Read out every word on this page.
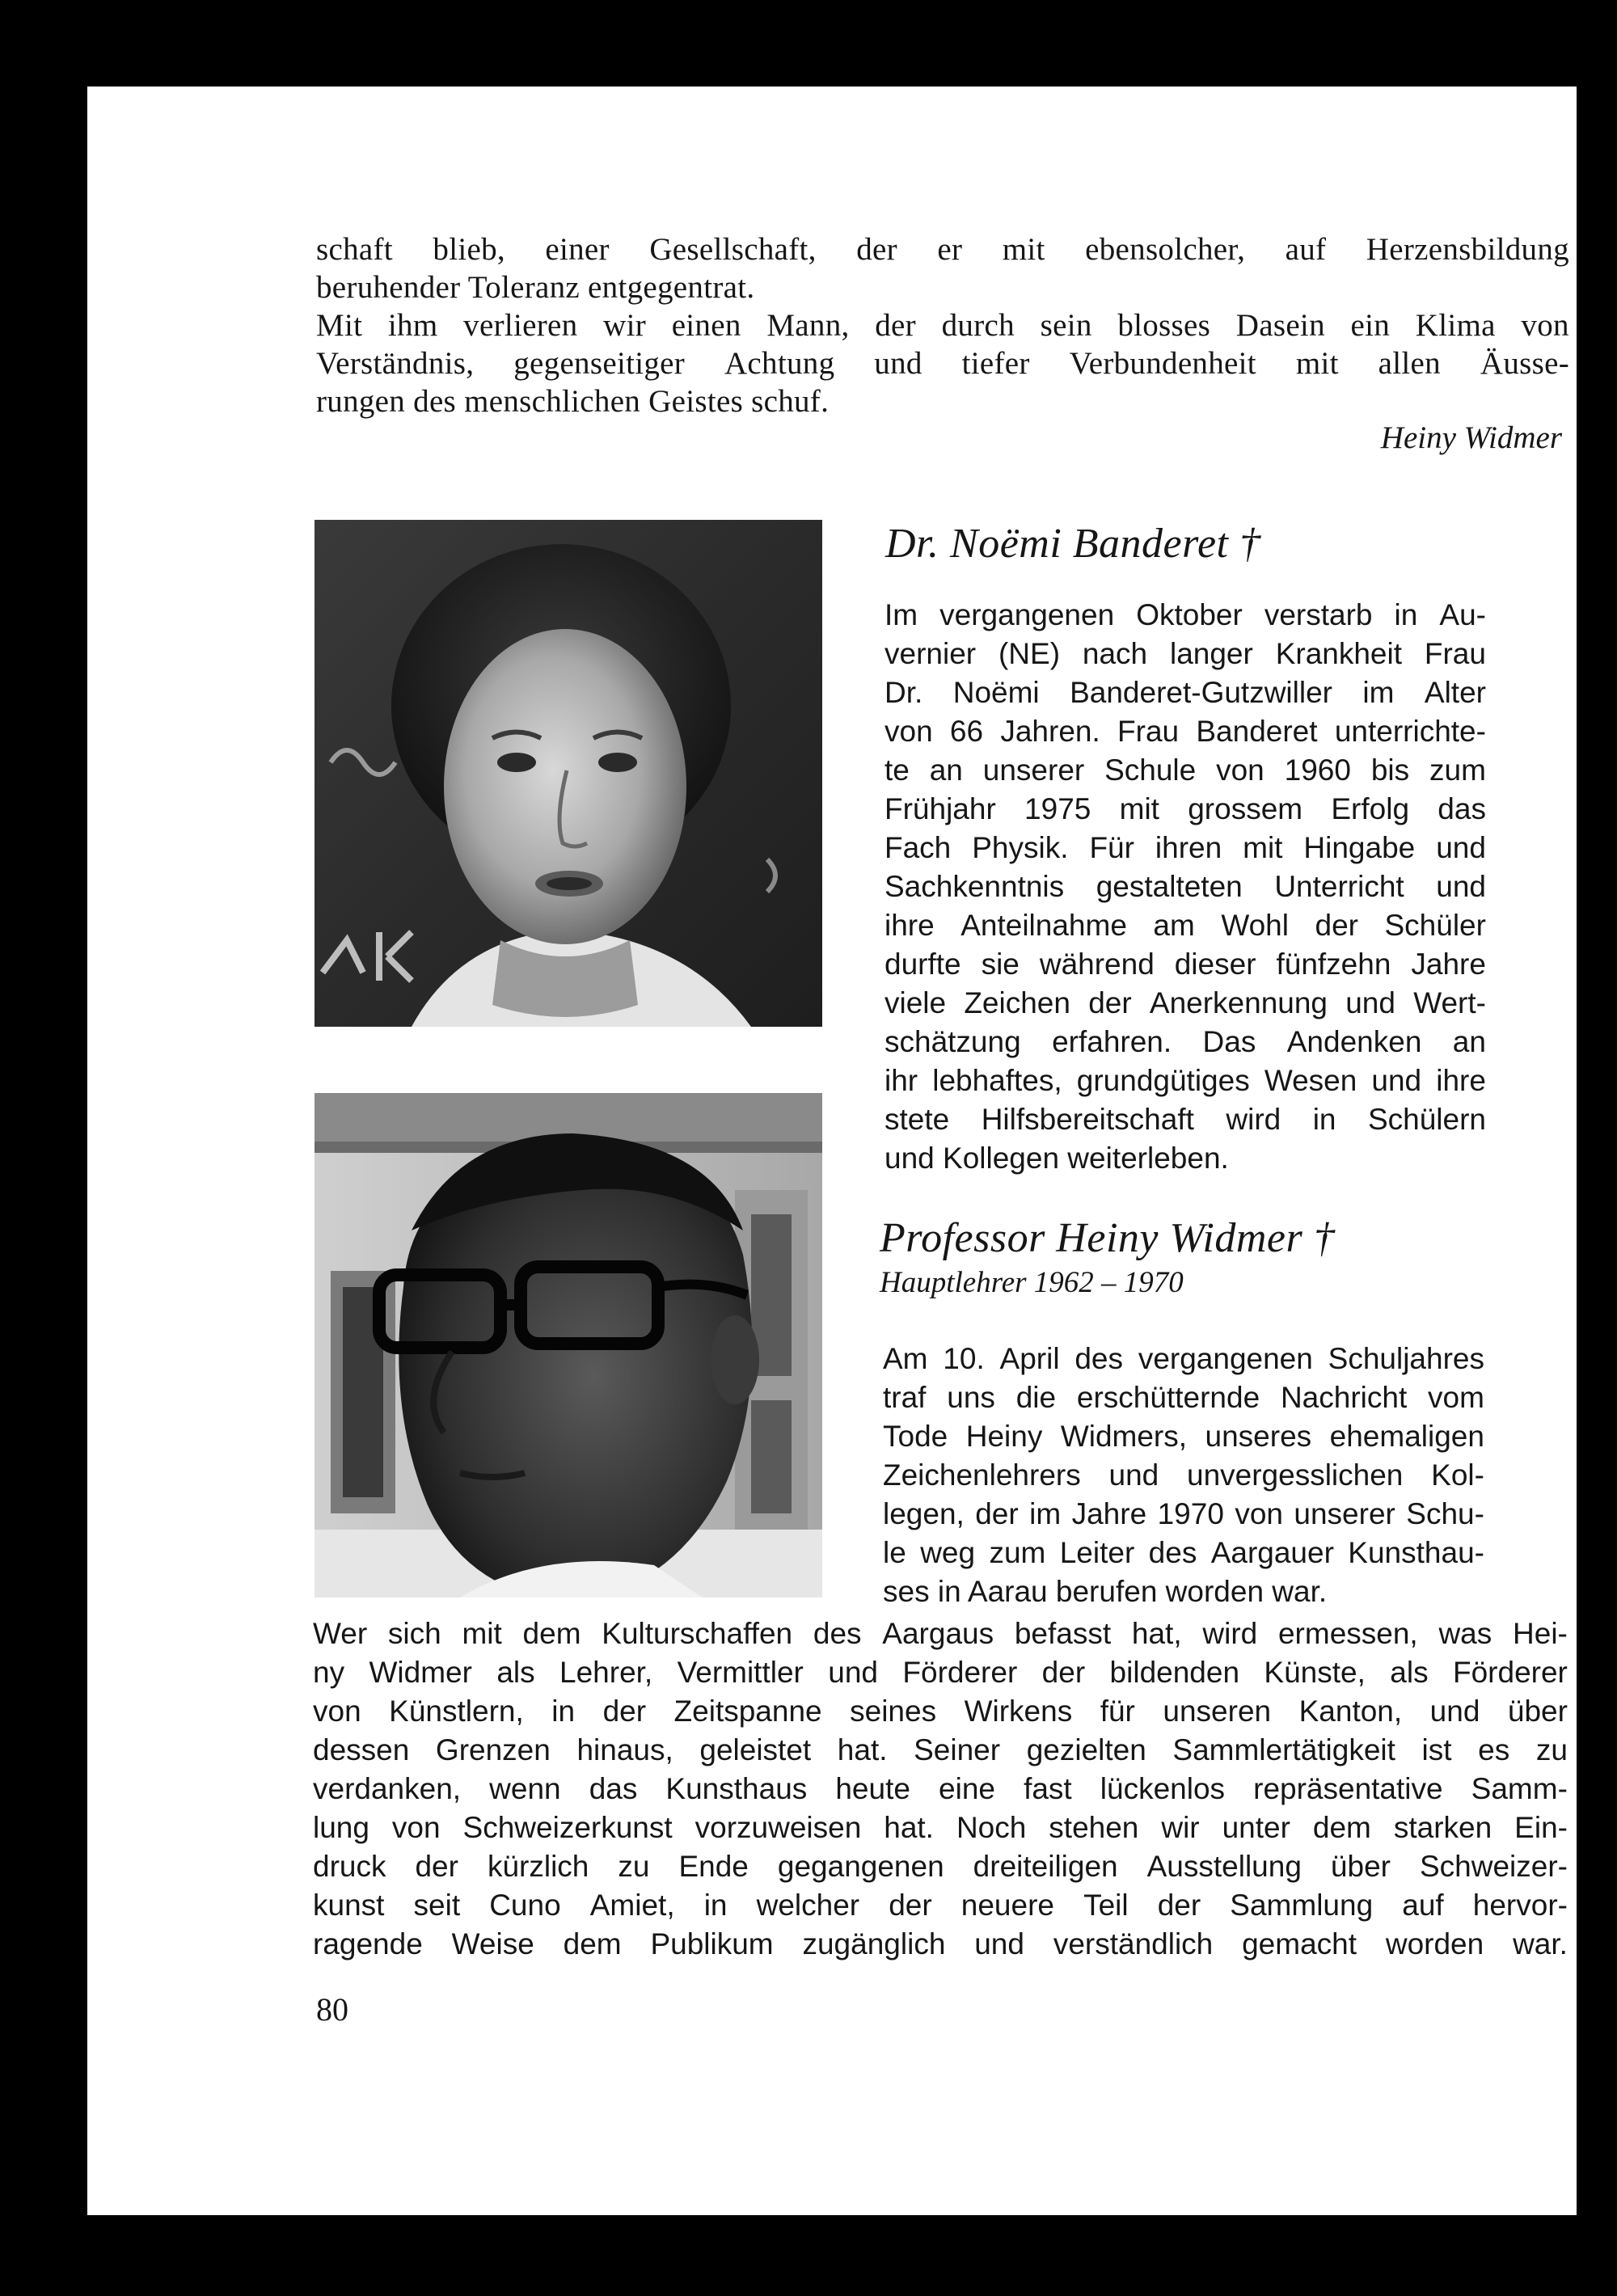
schaft blieb, einer Gesellschaft, der er mit ebensolcher, auf Herzensbildung
beruhender Toleranz entgegentrat.
Mit ihm verlieren wir einen Mann, der durch sein blosses Dasein ein Klima von
Verständnis, gegenseitiger Achtung und tiefer Verbundenheit mit allen Äusse-
rungen des menschlichen Geistes schuf.
Heiny Widmer
Dr. Noëmi Banderet †
Im vergangenen Oktober verstarb in Au-
vernier (NE) nach langer Krankheit Frau
Dr. Noëmi Banderet-Gutzwiller im Alter
von 66 Jahren. Frau Banderet unterrichte-
te an unserer Schule von 1960 bis zum
Frühjahr 1975 mit grossem Erfolg das
Fach Physik. Für ihren mit Hingabe und
Sachkenntnis gestalteten Unterricht und
ihre Anteilnahme am Wohl der Schüler
durfte sie während dieser fünfzehn Jahre
viele Zeichen der Anerkennung und Wert-
schätzung erfahren. Das Andenken an
ihr lebhaftes, grundgütiges Wesen und ihre
stete Hilfsbereitschaft wird in Schülern
und Kollegen weiterleben.
Professor Heiny Widmer †
Hauptlehrer 1962 – 1970
Am 10. April des vergangenen Schuljahres
traf uns die erschütternde Nachricht vom
Tode Heiny Widmers, unseres ehemaligen
Zeichenlehrers und unvergesslichen Kol-
legen, der im Jahre 1970 von unserer Schu-
le weg zum Leiter des Aargauer Kunsthau-
ses in Aarau berufen worden war.
Wer sich mit dem Kulturschaffen des Aargaus befasst hat, wird ermessen, was Hei-
ny Widmer als Lehrer, Vermittler und Förderer der bildenden Künste, als Förderer
von Künstlern, in der Zeitspanne seines Wirkens für unseren Kanton, und über
dessen Grenzen hinaus, geleistet hat. Seiner gezielten Sammlertätigkeit ist es zu
verdanken, wenn das Kunsthaus heute eine fast lückenlos repräsentative Samm-
lung von Schweizerkunst vorzuweisen hat. Noch stehen wir unter dem starken Ein-
druck der kürzlich zu Ende gegangenen dreiteiligen Ausstellung über Schweizer-
kunst seit Cuno Amiet, in welcher der neuere Teil der Sammlung auf hervor-
ragende Weise dem Publikum zugänglich und verständlich gemacht worden war.
80
